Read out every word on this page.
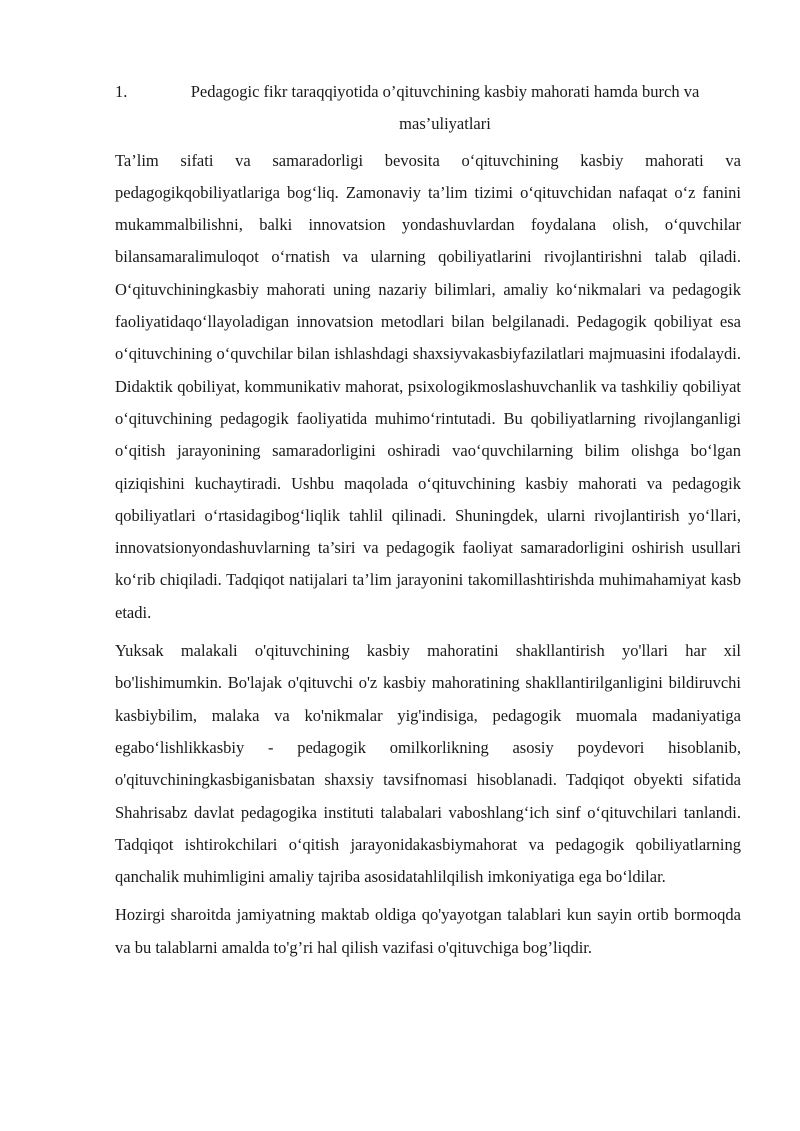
1.	Pedagogic fikr taraqqiyotida o’qituvchining kasbiy mahorati hamda burch va mas’uliyatlari

Ta’lim sifati va samaradorligi bevosita o‘qituvchining kasbiy mahorati va pedagogikqobiliyatlariga bog‘liq. Zamonaviy ta’lim tizimi o‘qituvchidan nafaqat o‘z fanini mukammalbilishni, balki innovatsion yondashuvlardan foydalana olish, o‘quvchilar bilansamaralimuloqot o‘rnatish va ularning qobiliyatlarini rivojlantirishni talab qiladi. O‘qituvchiningkasbiy mahorati uning nazariy bilimlari, amaliy ko‘nikmalari va pedagogik faoliyatidaqo‘llayoladigan innovatsion metodlari bilan belgilanadi. Pedagogik qobiliyat esa o‘qituvchining o‘quvchilar bilan ishlashdagi shaxsiyvakasbiyfazilatlari majmuasini ifodalaydi. Didaktik qobiliyat, kommunikativ mahorat, psixologikmoslashuvchanlik va tashkiliy qobiliyat o‘qituvchining pedagogik faoliyatida muhimo‘rintutadi. Bu qobiliyatlarning rivojlanganligi o‘qitish jarayonining samaradorligini oshiradi vao‘quvchilarning bilim olishga bo‘lgan qiziqishini kuchaytiradi. Ushbu maqolada o‘qituvchining kasbiy mahorati va pedagogik qobiliyatlari o‘rtasidagibog‘liqlik tahlil qilinadi. Shuningdek, ularni rivojlantirish yo‘llari, innovatsionyondashuvlarning ta’siri va pedagogik faoliyat samaradorligini oshirish usullari ko‘rib chiqiladi. Tadqiqot natijalari ta’lim jarayonini takomillashtirishda muhimahamiyat kasb etadi.

Yuksak malakali o'qituvchining kasbiy mahoratini shakllantirish yo'llari har xil bo'lishimumkin. Bo'lajak o'qituvchi o'z kasbiy mahoratining shakllantirilganligini bildiruvchi kasbiybilim, malaka va ko'nikmalar yig'indisiga, pedagogik muomala madaniyatiga egabo‘lishlikkasbiy - pedagogik omilkorlikning asosiy poydevori hisoblanib, o'qituvchiningkasbiganisbatan shaxsiy tavsifnomasi hisoblanadi. Tadqiqot obyekti sifatida Shahrisabz davlat pedagogika instituti talabalari vaboshlang‘ich sinf o‘qituvchilari tanlandi. Tadqiqot ishtirokchilari o‘qitish jarayonidakasbiymahorat va pedagogik qobiliyatlarning qanchalik muhimligini amaliy tajriba asosidatahlilqilish imkoniyatiga ega bo‘ldilar.

Hozirgi sharoitda jamiyatning maktab oldiga qo'yayotgan talablari kun sayin ortib bormoqda va bu talablarni amalda to'g’ri hal qilish vazifasi o'qituvchiga bog’liqdir.
